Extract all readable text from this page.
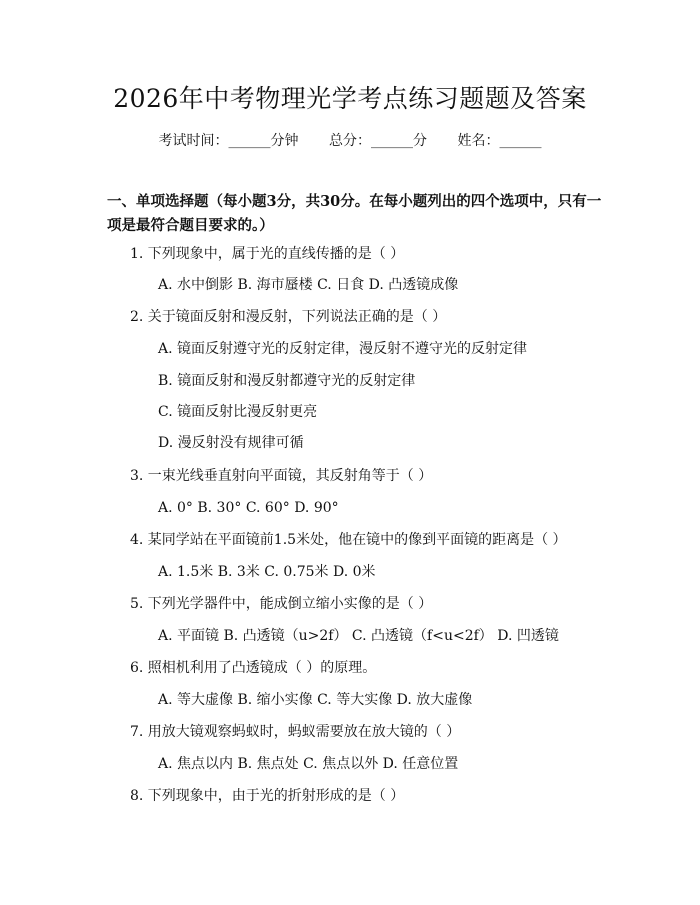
2026年中考物理光学考点练习题题及答案
考试时间：______分钟 总分：______分 姓名：______
一、单项选择题（每小题3分，共30分。在每小题列出的四个选项中，只有一项是最符合题目要求的。）
1. 下列现象中，属于光的直线传播的是（ ）
A. 水中倒影 B. 海市蜃楼 C. 日食 D. 凸透镜成像
2. 关于镜面反射和漫反射，下列说法正确的是（ ）
A. 镜面反射遵守光的反射定律，漫反射不遵守光的反射定律
B. 镜面反射和漫反射都遵守光的反射定律
C. 镜面反射比漫反射更亮
D. 漫反射没有规律可循
3. 一束光线垂直射向平面镜，其反射角等于（ ）
A. 0° B. 30° C. 60° D. 90°
4. 某同学站在平面镜前1.5米处，他在镜中的像到平面镜的距离是（ ）
A. 1.5米 B. 3米 C. 0.75米 D. 0米
5. 下列光学器件中，能成倒立缩小实像的是（ ）
A. 平面镜 B. 凸透镜（u>2f） C. 凸透镜（f<u<2f） D. 凹透镜
6. 照相机利用了凸透镜成（ ）的原理。
A. 等大虚像 B. 缩小实像 C. 等大实像 D. 放大虚像
7. 用放大镜观察蚂蚁时，蚂蚁需要放在放大镜的（ ）
A. 焦点以内 B. 焦点处 C. 焦点以外 D. 任意位置
8. 下列现象中，由于光的折射形成的是（ ）
